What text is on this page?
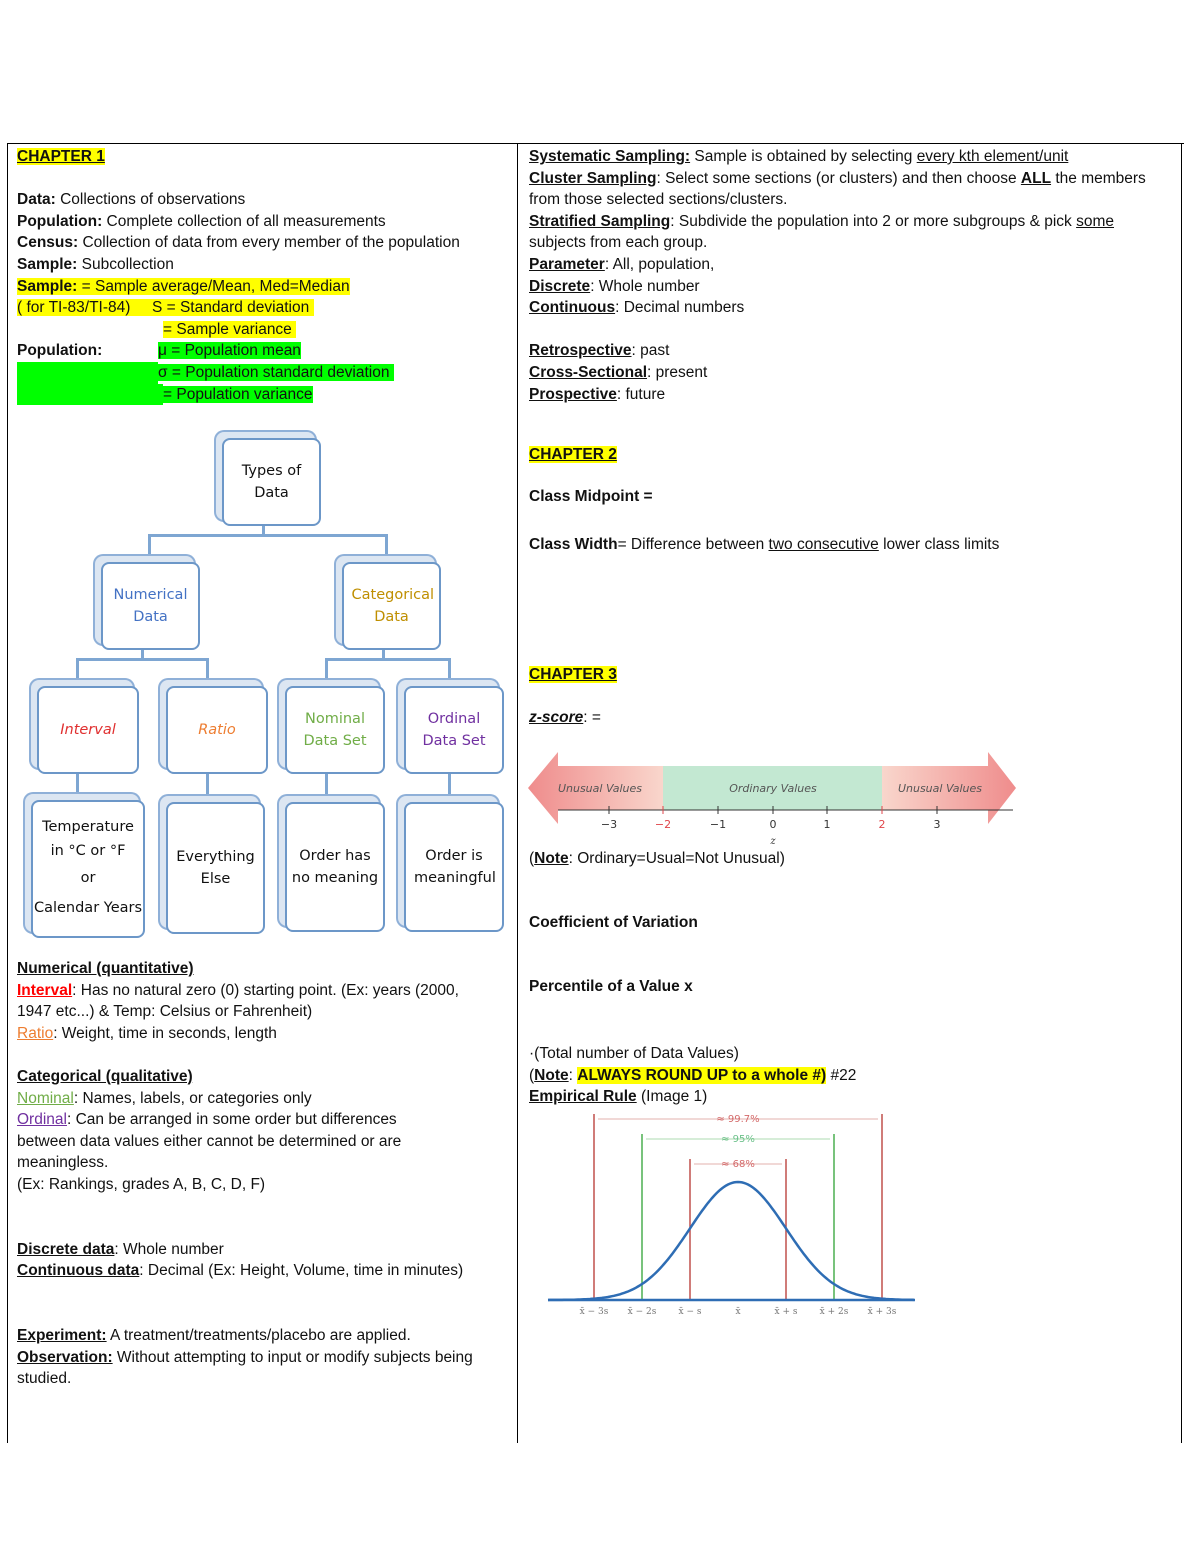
CHAPTER 1
Data: Collections of observations
Population: Complete collection of all measurements
Census: Collection of data from every member of the population
Sample: Subcollection
Sample: = Sample average/Mean, Med=Median
( for TI-83/TI-84) S = Standard deviation
= Sample variance
Population:	μ = Population mean
σ = Population standard deviation
= Population variance
Types of Data
Numerical Data
Categorical Data
Interval	Ratio
Nominal Data Set
Ordinal Data Set
Temperature in °C or °F
or
Calendar Years
Everything Else
Order has no meaning
Order is meaningful
Numerical (quantitative)
Interval: Has no natural zero (0) starting point. (Ex: years (2000,
1947 etc...) & Temp: Celsius or Fahrenheit)
Ratio: Weight, time in seconds, length
Categorical (qualitative)
Nominal: Names, labels, or categories only
Ordinal: Can be arranged in some order but differences
between data values either cannot be determined or are
meaningless.
(Ex: Rankings, grades A, B, C, D, F)
Discrete data: Whole number
Continuous data: Decimal (Ex: Height, Volume, time in minutes)
Experiment: A treatment/treatments/placebo are applied.
Observation: Without attempting to input or modify subjects being
studied.
Systematic Sampling: Sample is obtained by selecting every kth element/unit
Cluster Sampling: Select some sections (or clusters) and then choose ALL the members
from those selected sections/clusters.
Stratified Sampling: Subdivide the population into 2 or more subgroups & pick some
subjects from each group.
Parameter: All, population,
Discrete: Whole number
Continuous: Decimal numbers
Retrospective: past
Cross-Sectional: present
Prospective: future
CHAPTER 2
Class Midpoint =
Class Width= Difference between two consecutive lower class limits
CHAPTER 3
z-score: =
Unusual Values	Ordinary Values	Unusual Values
−3	−2	−1	0	1	2	3
z
(Note: Ordinary=Usual=Not Unusual)
Coefficient of Variation
Percentile of a Value x
·(Total number of Data Values)
(Note: ALWAYS ROUND UP to a whole #) #22
Empirical Rule (Image 1)
≈ 99.7%
≈ 95%
≈ 68%
x̄ − 3s x̄ − 2s x̄ − s	x̄	x̄ + s x̄ + 2s x̄ + 3s
